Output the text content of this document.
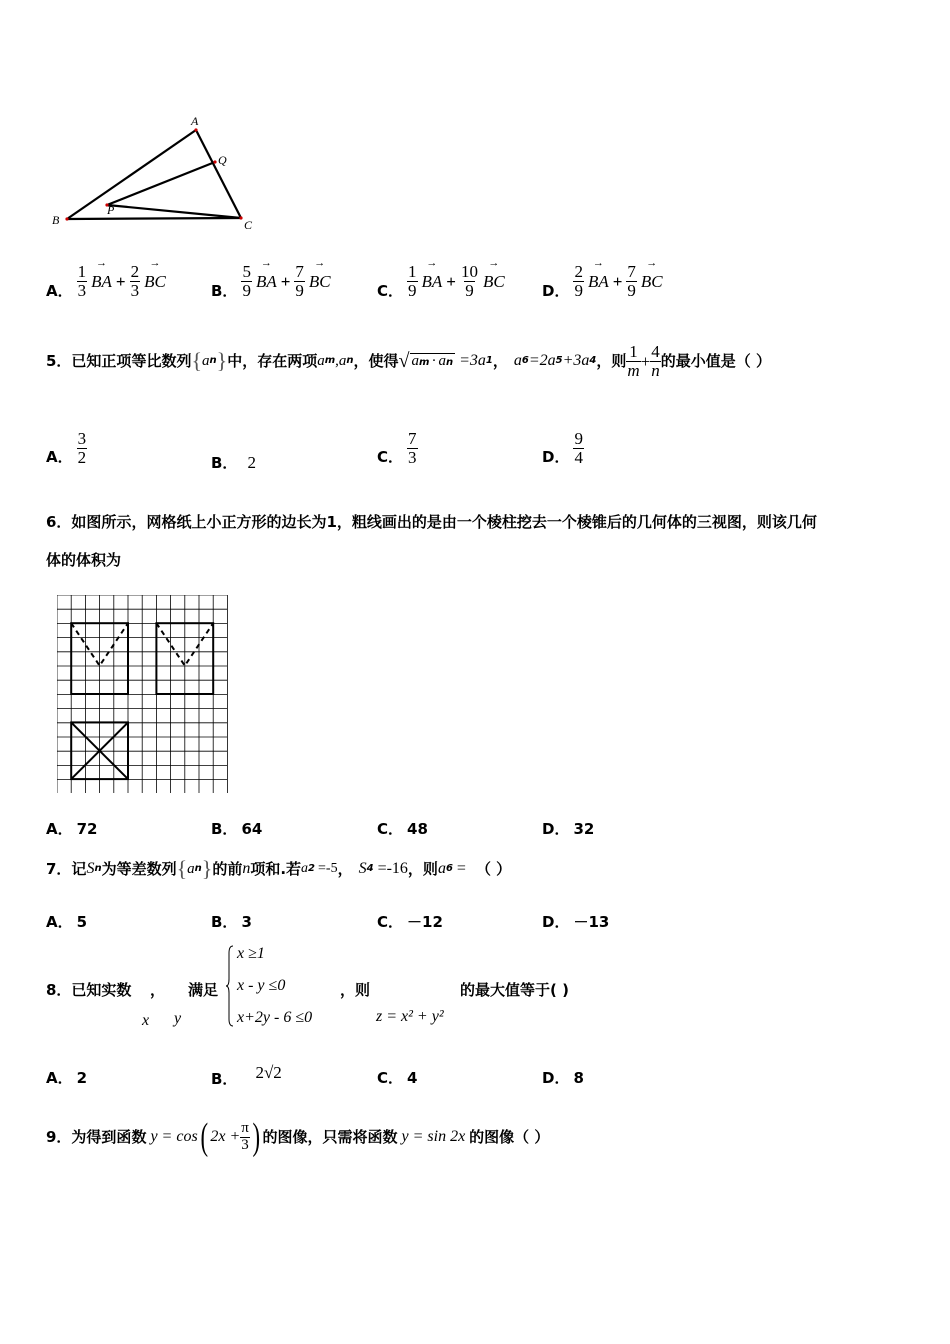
A
Q
B
P
C
A． $\frac{1}{3}$ → BA + $\frac{2}{3}$ → BC
B． $\frac{5}{9}$ → BA + $\frac{7}{9}$ → BC
C． $\frac{1}{9}$ → BA + $\frac{10}{9}$ → BC
D． $\frac{2}{9}$ → BA + $\frac{7}{9}$ → BC
5．已知正项等比数列 { a n } 中，存在两项 a m , a n ，使得 √ a m · a n =3a 1 ， a 6 =2a 5 +3a 4 ，则 $\frac{1}{m} + \frac{4}{n}$ 的最小值是（ ）
A． $\frac{3}{2}$	B． 2	C． $\frac{7}{3}$	D． $\frac{9}{4}$
6．如图所示，网格纸上小正方形的边长为1，粗线画出的是由一个棱柱挖去一个棱锥后的几何体的三视图，则该几何
体的体积为
A． 72	B． 64	C． 48	D． 32
7．记 S n 为等差数列 { a n } 的前 n 项和.若 a 2 =-5 ， S 4 =-16 ，则 a 6 = （ ）
A． 5	B． 3	C． －12	D． －13
8．已知实数 ， 满足
x y
x ≥1
x - y ≤0
x+2y - 6 ≤0
，则
z = x² + y²
的最大值等于( )
A． 2	B． 2√2	C． 4	D． 8
9．为得到函数 y = cos ( $2x + \frac{\pi}{3}$ ) 的图像，只需将函数 y = sin 2x 的图像（ ）
